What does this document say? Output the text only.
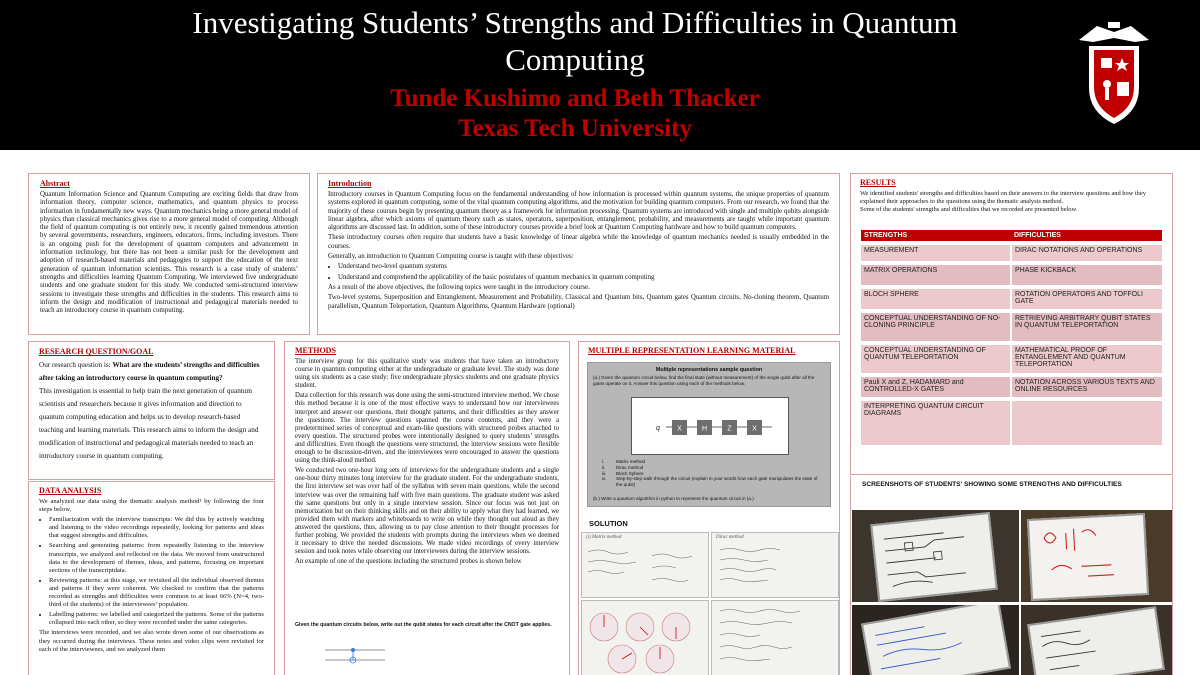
Investigating Students’ Strengths and Difficulties in Quantum Computing
Tunde Kushimo and Beth Thacker
Texas Tech University
Abstract
Quantum Information Science and Quantum Computing are exciting fields that draw from information theory, computer science, mathematics, and quantum physics to process information in fundamentally new ways. Quantum mechanics being a more general model of physics than classical mechanics gives rise to a more general model of computing. Although the field of quantum computing is not entirely new, it recently gained tremendous attention by several governments, researchers, engineers, educators, firms, including investors. There is an ongoing push for the development of quantum computers and advancement in information technology, but there has not been a similar push for the development and adoption of research-based materials and pedagogies to support the education of the next generation of quantum information scientists. This research is a case study of students’ strengths and difficulties learning Quantum Computing. We interviewed five undergraduate students and one graduate student for this study. We conducted semi-structured interview sessions to investigate these strengths and difficulties in the students. This research aims to inform the design and modification of instructional and pedagogical materials needed to teach an introductory course in quantum computing.
Introduction

Introductory courses in Quantum Computing focus on the fundamental understanding of how information is processed within quantum systems, the unique properties of quantum systems explored in quantum computing, some of the vital quantum computing algorithms, and the motivation for building quantum computers. From our research, we found that the majority of these courses begin by presenting quantum theory as a framework for information processing. Quantum systems are introduced with single and multiple qubits alongside linear algebra, after which axioms of quantum theory such as states, operators, superposition, entanglement, probability, and measurements are taught while important quantum algorithms are discussed last. In addition, some of these introductory courses provide a brief look at Quantum Computing hardware and how to build quantum computers.

These introductory courses often require that students have a basic knowledge of linear algebra while the knowledge of quantum mechanics needed is usually embedded in the courses.

Generally, an introduction to Quantum Computing course is taught with these objectives:

• Understand two-level quantum systems
• Understand and comprehend the applicability of the basic postulates of quantum mechanics in quantum computing

As a result of the above objectives, the following topics were taught in the introductory course.

Two-level systems, Superposition and Entanglement, Measurement and Probability, Classical and Quantum bits, Quantum gates Quantum circuits, No-cloning theorem, Quantum parallelism, Quantum Teleportation, Quantum Algorithms, Quantum Hardware (optional)

RESEARCH QUESTION/GOAL
Our research question is: What are the students’ strengths and difficulties after taking an introductory course in quantum computing?
This investigation is essential to help train the next generation of quantum scientists and researchers because it gives information and direction to quantum computing education and helps us to develop research-based teaching and learning materials. This research aims to inform the design and modification of instructional and pedagogical materials needed to teach an introductory course in quantum computing.
DATA ANALYSIS

We analyzed our data using the thematic analysis method¹ by following the four steps below.

• Familiarization with the interview transcripts: We did this by actively watching and listening to the video recordings repeatedly, looking for patterns and ideas that suggest strengths and difficulties.
• Searching and generating patterns: from repeatedly listening to the interview transcripts, we analyzed and reflected on the data. We moved from unstructured data to the development of themes, ideas, and patterns, focusing on important sections of the transcriptdata.
• Reviewing patterns: at this stage, we revisited all the individual observed themes and patterns if they were coherent. We checked to confirm that the patterns recorded as strengths and difficulties were common to at least 66% (N=4, two-third of the students) of the interviewees’ population.
• Labelling patterns: we labelled and categorized the patterns. Some of the patterns collapsed into each other, so they were recorded under the same categories.

The interviews were recorded, and we also wrote down some of our observations as they occurred during the interviews. These notes and video clips were revisited for each of the interviewees, and we analyzed them

METHODS

The interview group for this qualitative study was students that have taken an introductory course in quantum computing either at the undergraduate or graduate level. The study was done using six students as a case study: five undergraduate physics students and one graduate physics student.

Data collection for this research was done using the semi-structured interview method. We chose this method because it is one of the most effective ways to understand how our interviewees interpret and answer our questions, their thought patterns, and their difficulties as they answer the questions. The interview questions spanned the course contents, and they were a predetermined series of conceptual and exam-like questions with structured probes attached to every question. The structured probes were intentionally designed to query students’ strengths and difficulties. Even though the questions were structured, the interview sessions were flexible enough to be discussion-driven, and the interviewees were encouraged to answer the questions using the think-aloud method.

We conducted two one-hour long sets of interviews for the undergraduate students and a single one-hour thirty minutes long interview for the graduate student. For the undergraduate students, the first interview set was over half of the syllabus with seven main questions, while the second interview was over the remaining half with five main questions. The graduate student was asked the same questions but only in a single interview session. Since our focus was not just on memorization but on their thinking skills and on their ability to apply what they had learned, we provided them with markers and whiteboards to write on while they thought out aloud as they answered the questions, thus, allowing us to pay close attention to their thought processes for further probing. We provided the students with prompts during the interviews when we deemed it necessary to drive the needed discussions. We made video recordings of every interview session and took notes while observing our interviewees during the interview sessions.

An example of one of the questions including the structured probes is shown below

Given the quantum circuits below, write out the qubit states for each circuit after the CNOT gate applies.
MULTIPLE REPRESENTATION LEARNING MATERIAL
Multiple representations sample question
(a.) Given the quantum circuit below, find the final state (without measurement) of the single qubit after all the gates operate on it. Answer this question using each of the methods below.
q X	H	Z	X
i.	Matrix method
ii. Dirac method
iii. Bloch Sphere
iv.	Step-by-step walk through the circuit (explain in your words how each gate manipulates the state of the qubit)
(b.) Write a quantum algorithm in python to represent the quantum circuit in (a.)
SOLUTION
(i) Matrix method	Dirac method
RESULTS

We identified students' strengths and difficulties based on their answers to the interview questions and how they explained their approaches to the questions using the thematic analysis method.

Some of the students' strengths and difficulties that we recorded are presented below.

STRENGTHS	DIFFICULTIES
MEASUREMENT	DIRAC NOTATIONS AND OPERATIONS
MATRIX OPERATIONS	PHASE KICKBACK
BLOCH SPHERE	ROTATION OPERATORS AND TOFFOLI GATE
CONCEPTUAL UNDERSTANDING OF NO-CLONING PRINCIPLE	RETRIEVING ARBITRARY QUBIT STATES IN QUANTUM TELEPORTATION
CONCEPTUAL UNDERSTANDING OF QUANTUM TELEPORTATION	MATHEMATICAL PROOF OF ENTANGLEMENT AND QUANTUM TELEPORTATION
Pauli X and Z, HADAMARD and CONTROLLED-X GATES	NOTATION ACROSS VARIOUS TEXTS AND ONLINE RESOURCES
INTERPRETING QUANTUM CIRCUIT DIAGRAMS	
SCREENSHOTS OF STUDENTS' SHOWING SOME STRENGTHS AND DIFFICULTIES
